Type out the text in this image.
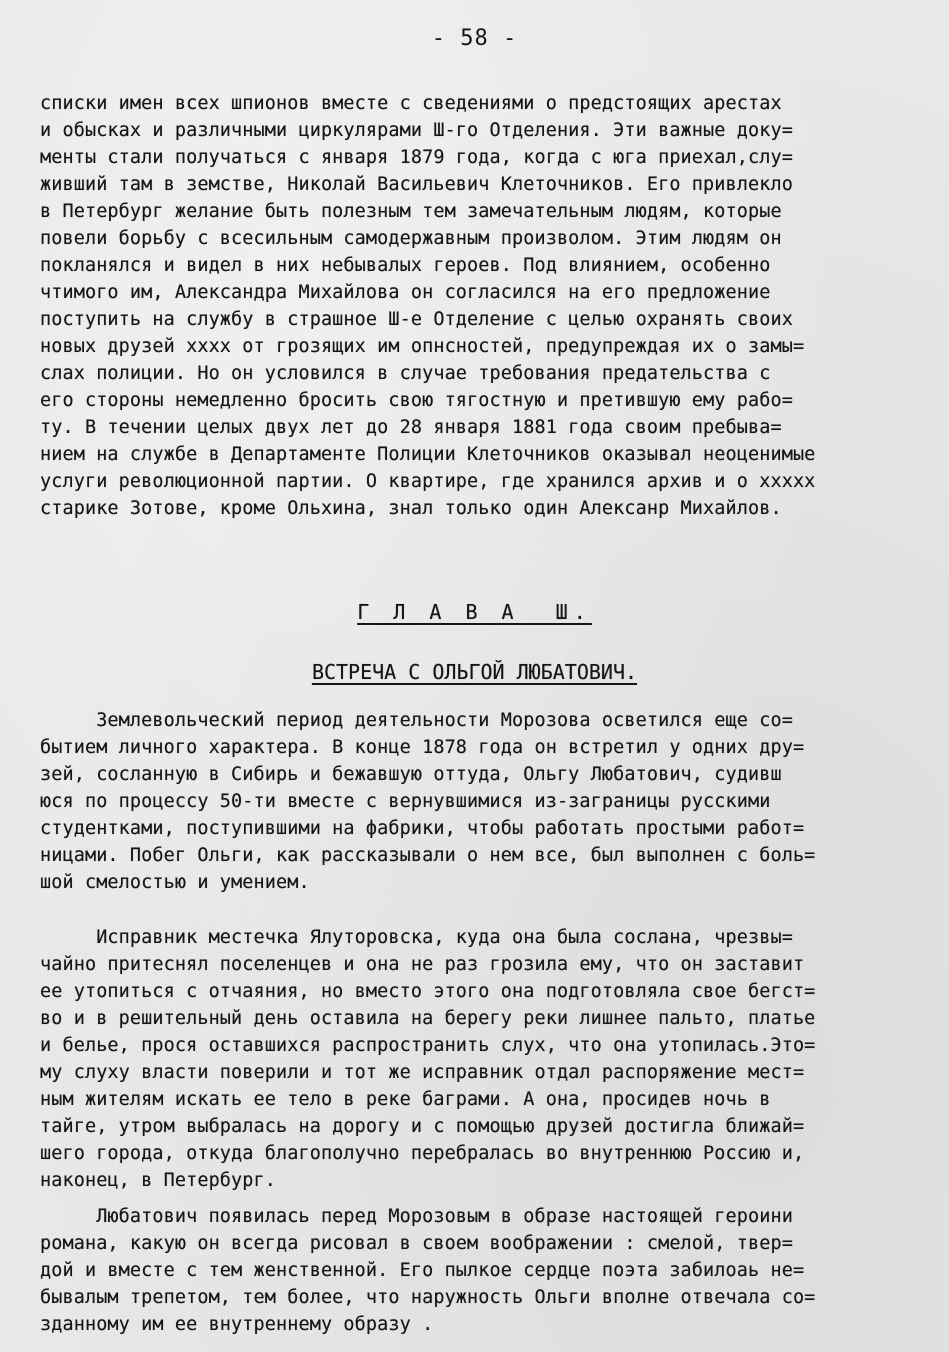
- 58 -
списки имен всех шпионов вместе с сведениями о предстоящих арестах
и обысках и различными циркулярами Ш-го Отделения. Эти важные доку=
менты стали получаться с января 1879 года, когда с юга приехал,слу=
живший там в земстве, Николай Васильевич Клеточников. Его привлекло
в Петербург желание быть полезным тем замечательным людям, которые
повели борьбу с всесильным самодержавным произволом. Этим людям он
покланялся и видел в них небывалых героев. Под влиянием, особенно
чтимого им, Александра Михайлова он согласился на его предложение
поступить на службу в страшное Ш-е Отделение с целью охранять своих
новых друзей xxxx от грозящих им опнсностей, предупреждая их о замы=
слах полиции. Но он условился в случае требования предательства с
его стороны немедленно бросить свою тягостную и претившую ему рабо=
ту. В течении целых двух лет до 28 января 1881 года своим пребыва=
нием на службе в Департаменте Полиции Клеточников оказывал неоценимые
услуги революционной партии. О квартире, где хранился архив и о xxxxx
старике Зотове, кроме Ольхина, знал только один Алексанр Михайлов.
Г Л А В А  Ш.
ВСТРЕЧА С ОЛЬГОЙ ЛЮБАТОВИЧ.
Землевольческий период деятельности Морозова осветился еще со=
бытием личного характера. В конце 1878 года он встретил у одних дру=
зей, сосланную в Сибирь и бежавшую оттуда, Ольгу Любатович, судивш
юся по процессу 50-ти вместе с вернувшимися из-заграницы русскими
студентками, поступившими на фабрики, чтобы работать простыми работ=
ницами. Побег Ольги, как рассказывали о нем все, был выполнен с боль=
шой смелостью и умением.
Исправник местечка Ялуторовска, куда она была сослана, чрезвы=
чайно притеснял поселенцев и она не раз грозила ему, что он заставит
ее утопиться с отчаяния, но вместо этого она подготовляла свое бегст=
во и в решительный день оставила на берегу реки лишнее пальто, платье
и белье, прося оставшихся распространить слух, что она утопилась.Это=
му слуху власти поверили и тот же исправник отдал распоряжение мест=
ным жителям искать ее тело в реке баграми. А она, просидев ночь в
тайге, утром выбралась на дорогу и с помощью друзей достигла ближай=
шего города, откуда благополучно перебралась во внутреннюю Россию и,
наконец, в Петербург.
Любатович появилась перед Морозовым в образе настоящей героини
романа, какую он всегда рисовал в своем воображении : смелой, твер=
дой и вместе с тем женственной. Его пылкое сердце поэта забилоаь не=
бывалым трепетом, тем более, что наружность Ольги вполне отвечала со=
зданному им ее внутреннему образу .
